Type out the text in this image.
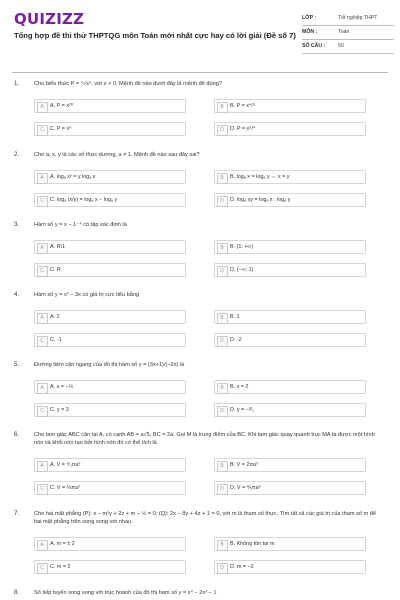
QUIZIZZ
Tổng hợp đề thi thử THPTQG môn Toán mới nhất cực hay có lời giải (Đề số 7)
LỚP :	Tốt nghiệp THPT
MÔN :	Toán
SỐ CÂU : 50
1.	Cho biểu thức P = ⁴√x⁵, với x > 0. Mệnh đề nào dưới đây là mệnh đề đúng?
A	A. P = x²⁰	B	B. P = x⁴/⁵
C	C. P = x⁹	D	D. P = x⁵/⁴
2.	Cho a, x, y là các số thực dương, a ≠ 1. Mệnh đề nào sau đây sai?
A	A. logₐ xʸ = y logₐ x	B	B. logₐ x = logₐ y ⇔ x = y
C	C. logₐ (x/y) = logₐ x − logₐ y	D	D. logₐ xy = logₐ x . logₐ y
3.	Hàm số y = x − 1⁻⁴ có tập xác định là
A	A. R\1	B	B. (1; +∞)
C	C. R	D	D. (−∞; 1)
4.	Hàm số y = x³ − 3x có giá trị cực tiểu bằng
A	A. 2	B	B. 1
C	C. -1	D	D. -2
5.	Đường tiệm cận ngang của đồ thị hàm số y = (3x+1)/(−2x) là
A	A. x = −½	B	B. x = 2
C	C. y = 3	D	D. y = −³⁄₂
6.	Cho tam giác ABC cân tại A, có cạnh AB = a√5, BC = 2a. Gọi M là trung điểm của BC. Khi tam giác quay quanh trục MA ta được một hình nón và khối nón tạo bởi hình nón đó có thể tích là
A	A. V = ⁴⁄₃πa³	B	B. V = 2πa³
C	C. V = ⅔πa³	D	D. V = ⅘πa³
7.	Cho hai mặt phẳng (P): x − m²y + 2z + m − ½ = 0; (Q): 2x − 8y + 4z + 1 = 0, với m là tham số thực. Tìm tất cả các giá trị của tham số m để hai mặt phẳng trên song song với nhau.
A	A. m = ± 2	B	B. Không tồn tại m
C	C. m = 2	D	D. m = −2
8.	Số tiếp tuyến song song với trục hoành của đồ thị hàm số y = x⁴ − 2x² − 1
